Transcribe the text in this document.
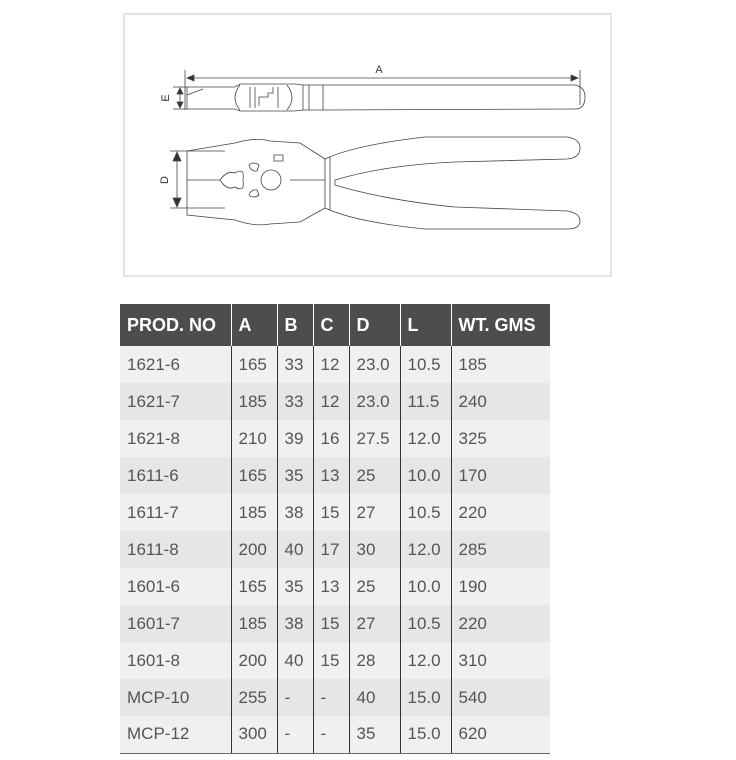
A
E
D
PROD. NO	A	B	C	D	L	WT. GMS
1621-6	165	33	12	23.0	10.5	185
1621-7	185	33	12	23.0	11.5	240
1621-8	210	39	16	27.5	12.0	325
1611-6	165	35	13	25	10.0	170
1611-7	185	38	15	27	10.5	220
1611-8	200	40	17	30	12.0	285
1601-6	165	35	13	25	10.0	190
1601-7	185	38	15	27	10.5	220
1601-8	200	40	15	28	12.0	310
MCP-10	255	-	-	40	15.0	540
MCP-12	300	-	-	35	15.0	620
